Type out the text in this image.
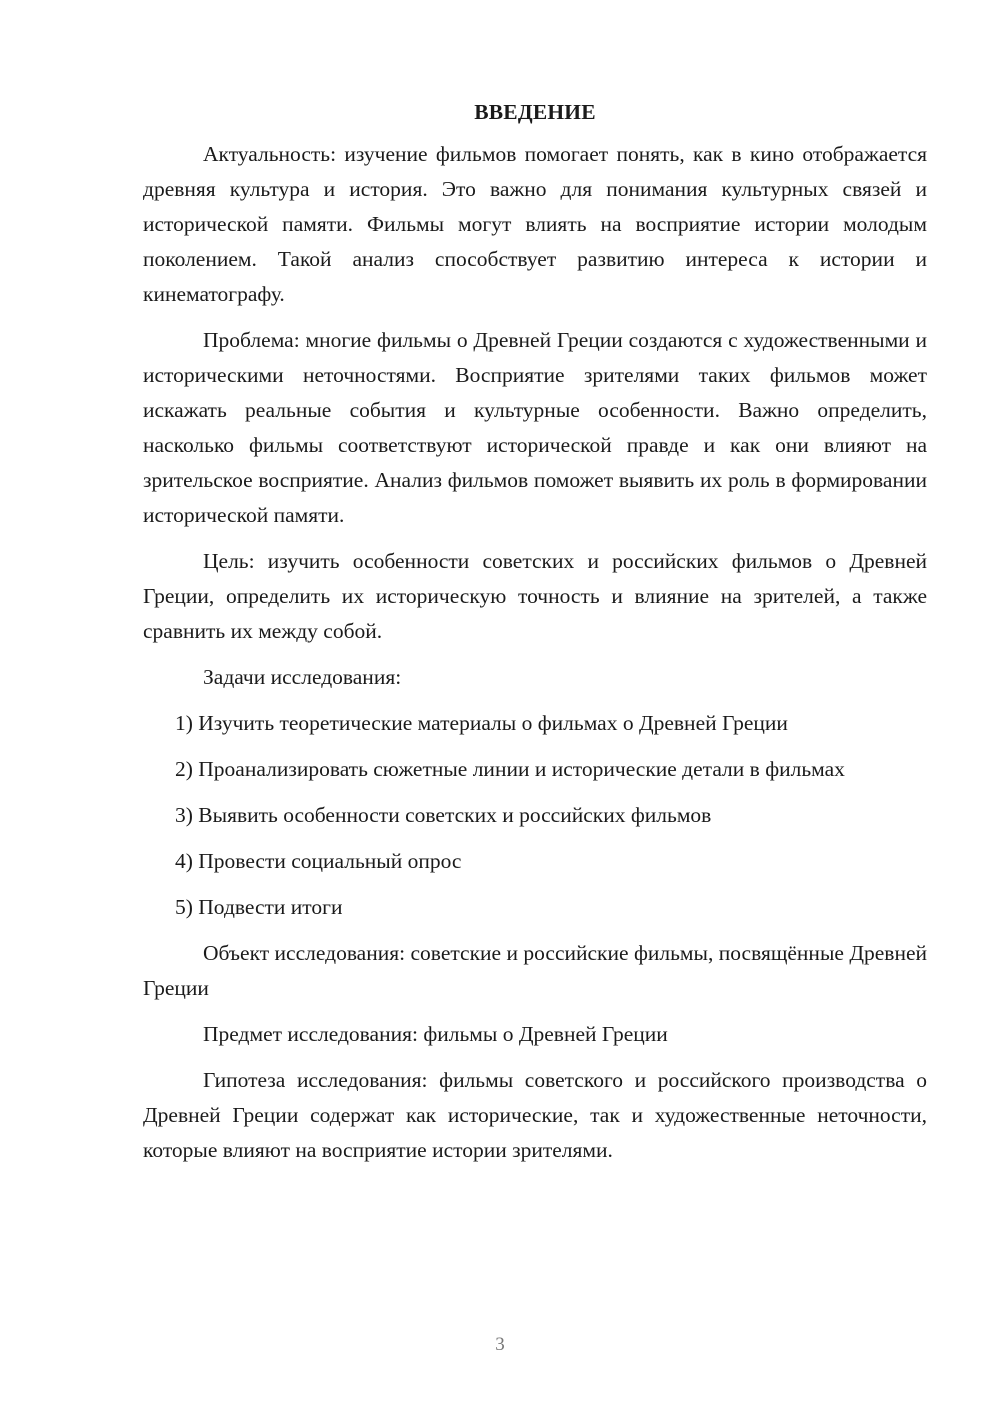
ВВЕДЕНИЕ

Актуальность: изучение фильмов помогает понять, как в кино отображается древняя культура и история. Это важно для понимания культурных связей и исторической памяти. Фильмы могут влиять на восприятие истории молодым поколением. Такой анализ способствует развитию интереса к истории и кинематографу.

Проблема: многие фильмы о Древней Греции создаются с художественными и историческими неточностями. Восприятие зрителями таких фильмов может искажать реальные события и культурные особенности. Важно определить, насколько фильмы соответствуют исторической правде и как они влияют на зрительское восприятие. Анализ фильмов поможет выявить их роль в формировании исторической памяти.

Цель: изучить особенности советских и российских фильмов о Древней Греции, определить их историческую точность и влияние на зрителей, а также сравнить их между собой.

Задачи исследования:

1) Изучить теоретические материалы о фильмах о Древней Греции

2) Проанализировать сюжетные линии и исторические детали в фильмах

3) Выявить особенности советских и российских фильмов

4) Провести социальный опрос

5) Подвести итоги

Объект исследования: советские и российские фильмы, посвящённые Древней Греции

Предмет исследования: фильмы о Древней Греции

Гипотеза исследования: фильмы советского и российского производства о Древней Греции содержат как исторические, так и художественные неточности, которые влияют на восприятие истории зрителями.

3
